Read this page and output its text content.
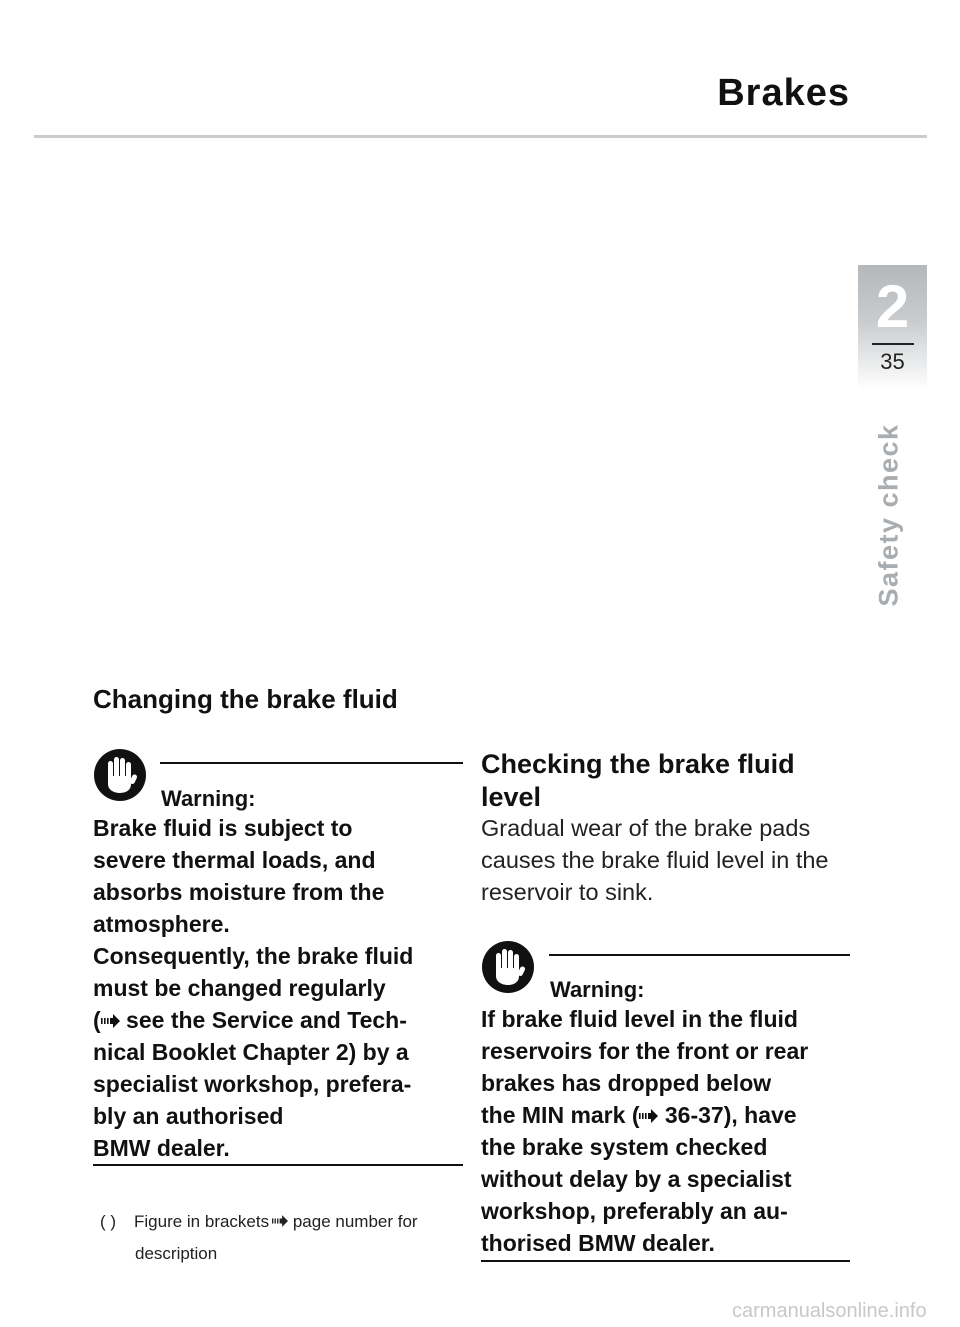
Brakes
2
35
Safety check
Changing the brake fluid
Warning:
Brake fluid is subject to
severe thermal loads, and
absorbs moisture from the
atmosphere.
Consequently, the brake fluid
must be changed regularly
( see the Service and Tech-
nical Booklet Chapter 2) by a
specialist workshop, prefera-
bly an authorised
BMW dealer.
( ) Figure in brackets page number for
description
Checking the brake fluid level
Gradual wear of the brake pads causes the brake fluid level in the reservoir to sink.
Warning:
If brake fluid level in the fluid
reservoirs for the front or rear
brakes has dropped below
the MIN mark ( 36-37), have
the brake system checked
without delay by a specialist
workshop, preferably an au-
thorised BMW dealer.
carmanualsonline.info
